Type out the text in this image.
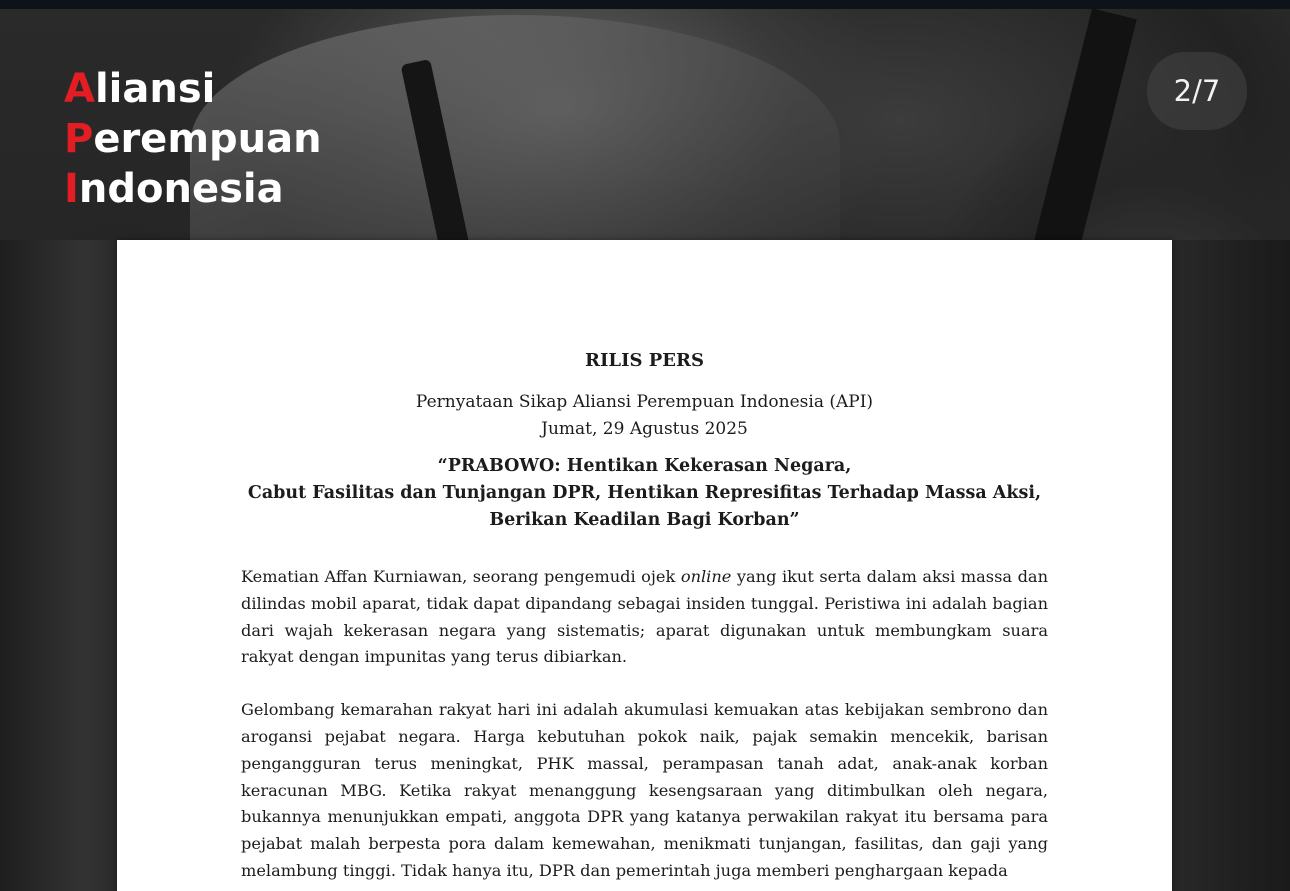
Aliansi
Perempuan
Indonesia
2/7

RILIS PERS

Pernyataan Sikap Aliansi Perempuan Indonesia (API)

Jumat, 29 Agustus 2025

“PRABOWO: Hentikan Kekerasan Negara,
Cabut Fasilitas dan Tunjangan DPR, Hentikan Represifitas Terhadap Massa Aksi,
Berikan Keadilan Bagi Korban”

Kematian Affan Kurniawan, seorang pengemudi ojek online yang ikut serta dalam aksi massa dan dilindas mobil aparat, tidak dapat dipandang sebagai insiden tunggal. Peristiwa ini adalah bagian dari wajah kekerasan negara yang sistematis; aparat digunakan untuk membungkam suara rakyat dengan impunitas yang terus dibiarkan.

Gelombang kemarahan rakyat hari ini adalah akumulasi kemuakan atas kebijakan sembrono dan arogansi pejabat negara. Harga kebutuhan pokok naik, pajak semakin mencekik, barisan pengangguran terus meningkat, PHK massal, perampasan tanah adat, anak-anak korban keracunan MBG. Ketika rakyat menanggung kesengsaraan yang ditimbulkan oleh negara, bukannya menunjukkan empati, anggota DPR yang katanya perwakilan rakyat itu bersama para pejabat malah berpesta pora dalam kemewahan, menikmati tunjangan, fasilitas, dan gaji yang melambung tinggi. Tidak hanya itu, DPR dan pemerintah juga memberi penghargaan kepada
